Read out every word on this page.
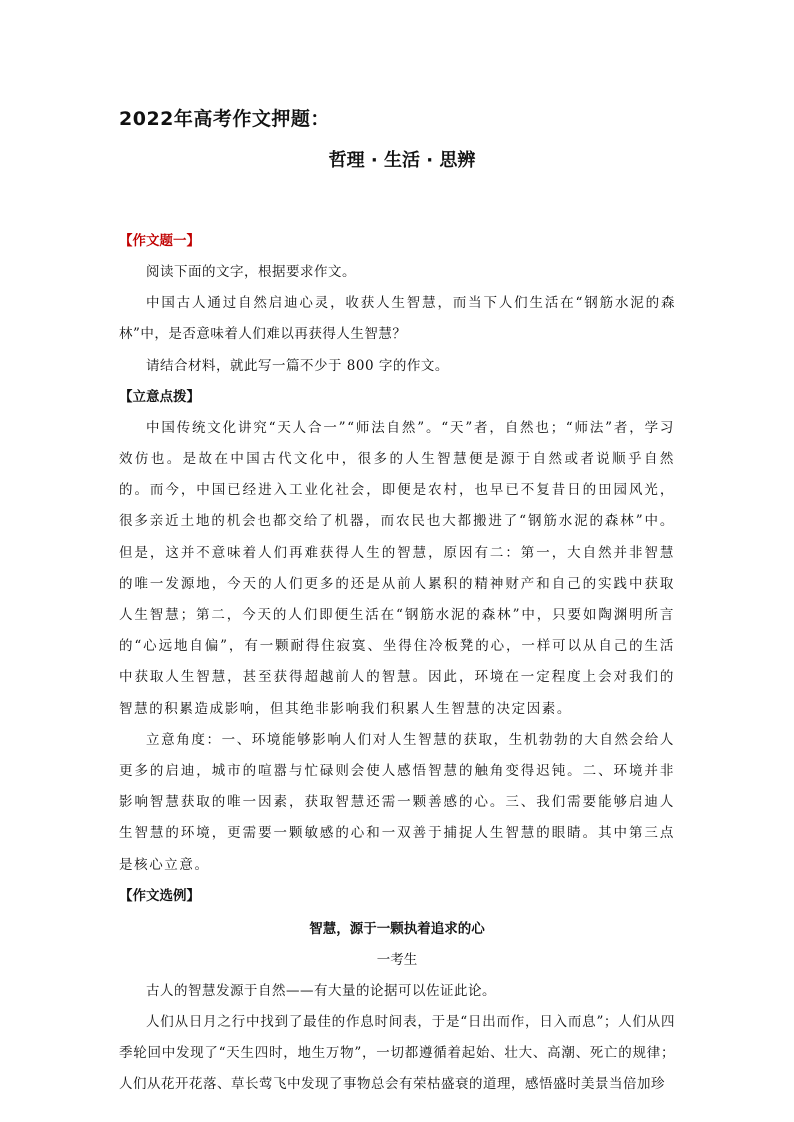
2022年高考作文押题：
哲理 · 生活 · 思辨
【作文题一】

阅读下面的文字，根据要求作文。

中国古人通过自然启迪心灵，收获人生智慧，而当下人们生活在“钢筋水泥的森林”中，是否意味着人们难以再获得人生智慧？

请结合材料，就此写一篇不少于 800 字的作文。

【立意点拨】

中国传统文化讲究“天人合一”“师法自然”。“天”者，自然也；“师法”者，学习效仿也。是故在中国古代文化中，很多的人生智慧便是源于自然或者说顺乎自然的。而今，中国已经进入工业化社会，即便是农村，也早已不复昔日的田园风光，很多亲近土地的机会也都交给了机器，而农民也大都搬进了“钢筋水泥的森林”中。但是，这并不意味着人们再难获得人生的智慧，原因有二：第一，大自然并非智慧的唯一发源地，今天的人们更多的还是从前人累积的精神财产和自己的实践中获取人生智慧；第二，今天的人们即便生活在“钢筋水泥的森林”中，只要如陶渊明所言的“心远地自偏”，有一颗耐得住寂寞、坐得住冷板凳的心，一样可以从自己的生活中获取人生智慧，甚至获得超越前人的智慧。因此，环境在一定程度上会对我们的智慧的积累造成影响，但其绝非影响我们积累人生智慧的决定因素。

立意角度：一、环境能够影响人们对人生智慧的获取，生机勃勃的大自然会给人更多的启迪，城市的喧嚣与忙碌则会使人感悟智慧的触角变得迟钝。二、环境并非影响智慧获取的唯一因素，获取智慧还需一颗善感的心。三、我们需要能够启迪人生智慧的环境，更需要一颗敏感的心和一双善于捕捉人生智慧的眼睛。其中第三点是核心立意。

【作文选例】
智慧，源于一颗执着追求的心
一考生

古人的智慧发源于自然——有大量的论据可以佐证此论。

人们从日月之行中找到了最佳的作息时间表，于是“日出而作，日入而息”；人们从四季轮回中发现了“天生四时，地生万物”，一切都遵循着起始、壮大、高潮、死亡的规律；人们从花开花落、草长莺飞中发现了事物总会有荣枯盛衰的道理，感悟盛时美景当倍加珍
